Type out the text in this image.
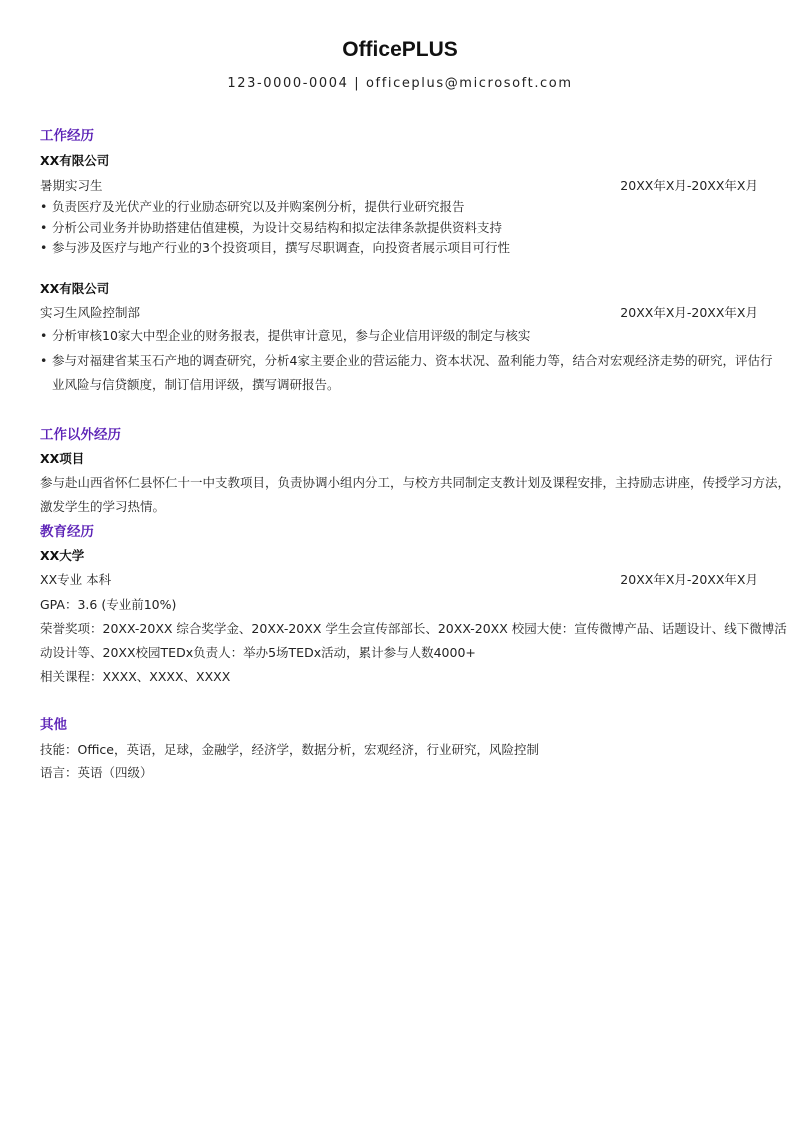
OfficePLUS
123-0000-0004 | officeplus@microsoft.com
工作经历
XX有限公司
暑期实习生	20XX年X月-20XX年X月
• 负责医疗及光伏产业的行业励态研究以及并购案例分析，提供行业研究报告
• 分析公司业务并协助搭建估值建模，为设计交易结构和拟定法律条款提供资料支持
• 参与涉及医疗与地产行业的3个投资项目，撰写尽职调查，向投资者展示项目可行性
XX有限公司
实习生风险控制部	20XX年X月-20XX年X月
• 分析审核10家大中型企业的财务报表，提供审计意见，参与企业信用评级的制定与核实
• 参与对福建省某玉石产地的调查研究，分析4家主要企业的营运能力、资本状况、盈利能力等，结合对宏观经济走势的研究，评估行
业风险与信贷额度，制订信用评级，撰写调研报告。
工作以外经历
XX项目
参与赴山西省怀仁县怀仁十一中支教项目，负责协调小组内分工，与校方共同制定支教计划及课程安排，主持励志讲座，传授学习方法，
激发学生的学习热情。
教育经历
XX大学
XX专业 本科	20XX年X月-20XX年X月
GPA：3.6 (专业前10%)
荣誉奖项：20XX-20XX 综合奖学金、20XX-20XX 学生会宣传部部长、20XX-20XX 校园大使：宣传微博产品、话题设计、线下微博活
动设计等、20XX校园TEDx负责人：举办5场TEDx活动，累计参与人数4000+
相关课程：XXXX、XXXX、XXXX
其他
技能：Office，英语，足球，金融学，经济学，数据分析，宏观经济，行业研究，风险控制
语言：英语（四级）
